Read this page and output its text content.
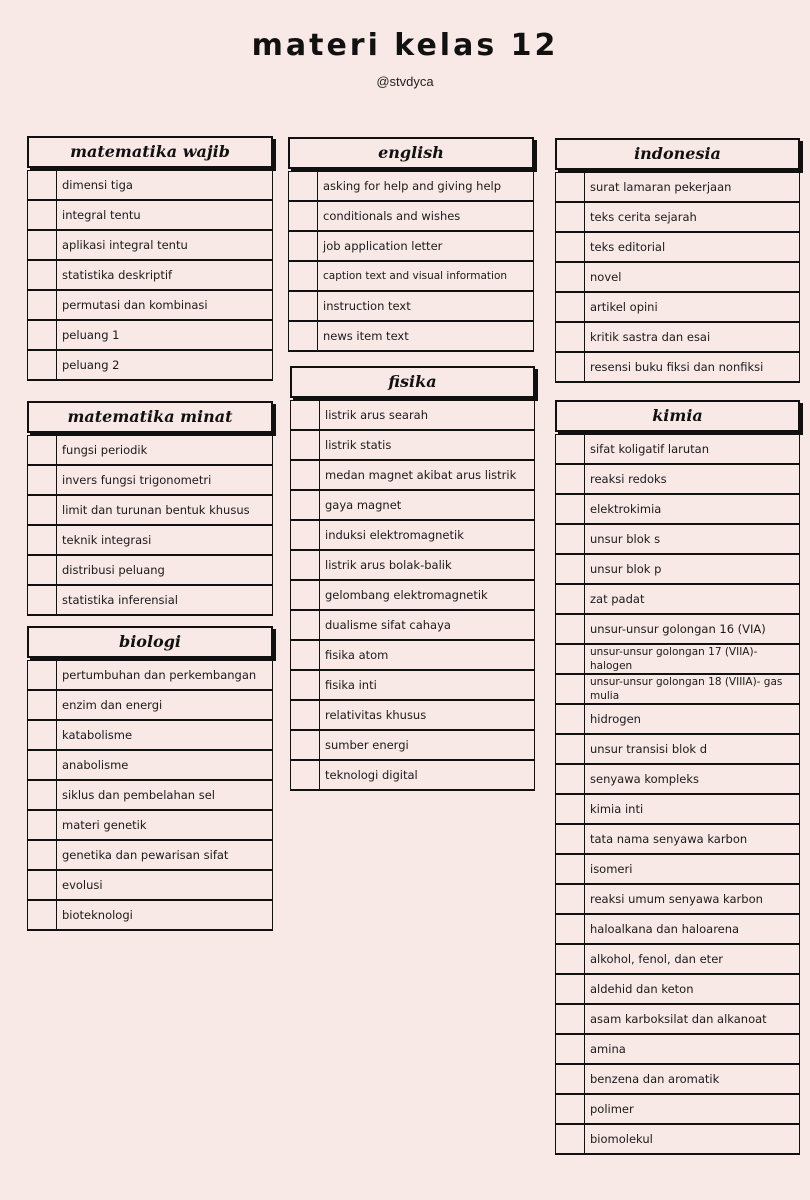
materi kelas 12
@stvdyca
matematika wajib
dimensi tiga
integral tentu
aplikasi integral tentu
statistika deskriptif
permutasi dan kombinasi
peluang 1
peluang 2
matematika minat
fungsi periodik
invers fungsi trigonometri
limit dan turunan bentuk khusus
teknik integrasi
distribusi peluang
statistika inferensial
biologi
pertumbuhan dan perkembangan
enzim dan energi
katabolisme
anabolisme
siklus dan pembelahan sel
materi genetik
genetika dan pewarisan sifat
evolusi
bioteknologi
english
asking for help and giving help
conditionals and wishes
job application letter
caption text and visual information
instruction text
news item text
fisika
listrik arus searah
listrik statis
medan magnet akibat arus listrik
gaya magnet
induksi elektromagnetik
listrik arus bolak-balik
gelombang elektromagnetik
dualisme sifat cahaya
fisika atom
fisika inti
relativitas khusus
sumber energi
teknologi digital
indonesia
surat lamaran pekerjaan
teks cerita sejarah
teks editorial
novel
artikel opini
kritik sastra dan esai
resensi buku fiksi dan nonfiksi
kimia
sifat koligatif larutan
reaksi redoks
elektrokimia
unsur blok s
unsur blok p
zat padat
unsur-unsur golongan 16 (VIA)
unsur-unsur golongan 17 (VIIA)- halogen
unsur-unsur golongan 18 (VIIIA)- gas mulia
hidrogen
unsur transisi blok d
senyawa kompleks
kimia inti
tata nama senyawa karbon
isomeri
reaksi umum senyawa karbon
haloalkana dan haloarena
alkohol, fenol, dan eter
aldehid dan keton
asam karboksilat dan alkanoat
amina
benzena dan aromatik
polimer
biomolekul
